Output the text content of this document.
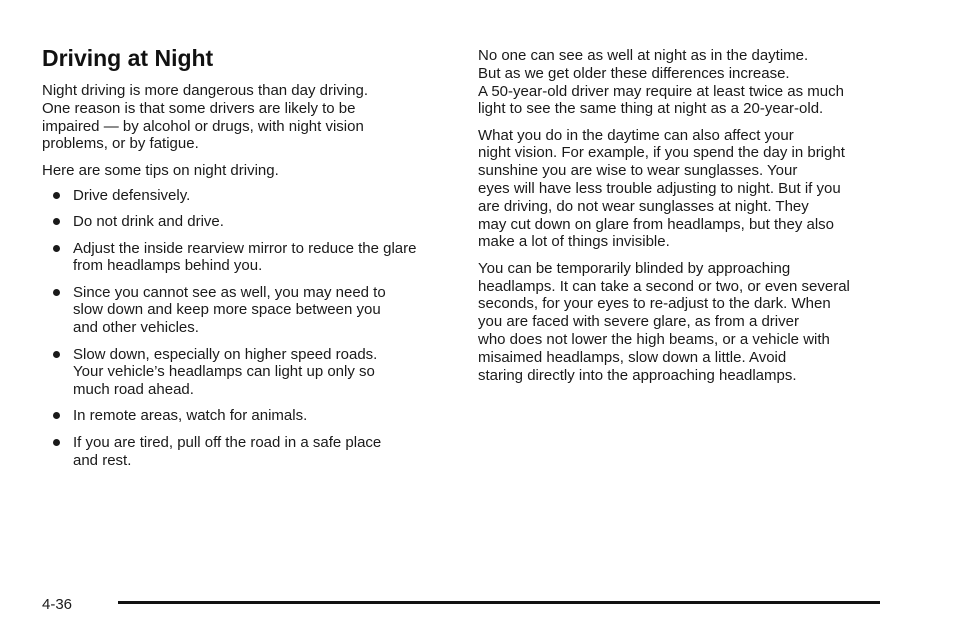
Driving at Night

Night driving is more dangerous than day driving.
One reason is that some drivers are likely to be
impaired — by alcohol or drugs, with night vision
problems, or by fatigue.

Here are some tips on night driving.

Drive defensively.
Do not drink and drive.
Adjust the inside rearview mirror to reduce the glare
from headlamps behind you.
Since you cannot see as well, you may need to
slow down and keep more space between you
and other vehicles.
Slow down, especially on higher speed roads.
Your vehicle’s headlamps can light up only so
much road ahead.
In remote areas, watch for animals.
If you are tired, pull off the road in a safe place
and rest.

No one can see as well at night as in the daytime.
But as we get older these differences increase.
A 50-year-old driver may require at least twice as much
light to see the same thing at night as a 20-year-old.

What you do in the daytime can also affect your
night vision. For example, if you spend the day in bright
sunshine you are wise to wear sunglasses. Your
eyes will have less trouble adjusting to night. But if you
are driving, do not wear sunglasses at night. They
may cut down on glare from headlamps, but they also
make a lot of things invisible.

You can be temporarily blinded by approaching
headlamps. It can take a second or two, or even several
seconds, for your eyes to re-adjust to the dark. When
you are faced with severe glare, as from a driver
who does not lower the high beams, or a vehicle with
misaimed headlamps, slow down a little. Avoid
staring directly into the approaching headlamps.

4-36
